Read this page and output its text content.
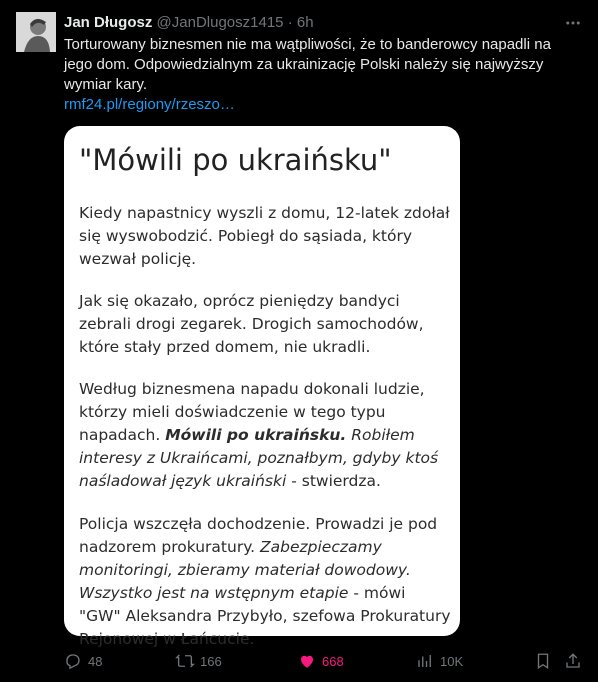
Jan Długosz @JanDlugosz1415 · 6h
Torturowany biznesmen nie ma wątpliwości, że to banderowcy napadli na jego dom. Odpowiedzialnym za ukrainizację Polski należy się najwyższy wymiar kary.
rmf24.pl/regiony/rzeszo…
"Mówili po ukraińsku"
Kiedy napastnicy wyszli z domu, 12-latek zdołał się wyswobodzić. Pobiegł do sąsiada, który wezwał policję.
Jak się okazało, oprócz pieniędzy bandyci zebrali drogi zegarek. Drogich samochodów, które stały przed domem, nie ukradli.
Według biznesmena napadu dokonali ludzie, którzy mieli doświadczenie w tego typu napadach. Mówili po ukraińsku. Robiłem interesy z Ukraińcami, poznałbym, gdyby ktoś naśladował język ukraiński - stwierdza.
Policja wszczęła dochodzenie. Prowadzi je pod nadzorem prokuratury. Zabezpieczamy monitoringi, zbieramy materiał dowodowy. Wszystko jest na wstępnym etapie - mówi "GW" Aleksandra Przybyło, szefowa Prokuratury Rejonowej w Łańcucie.
48	166	668	10K
